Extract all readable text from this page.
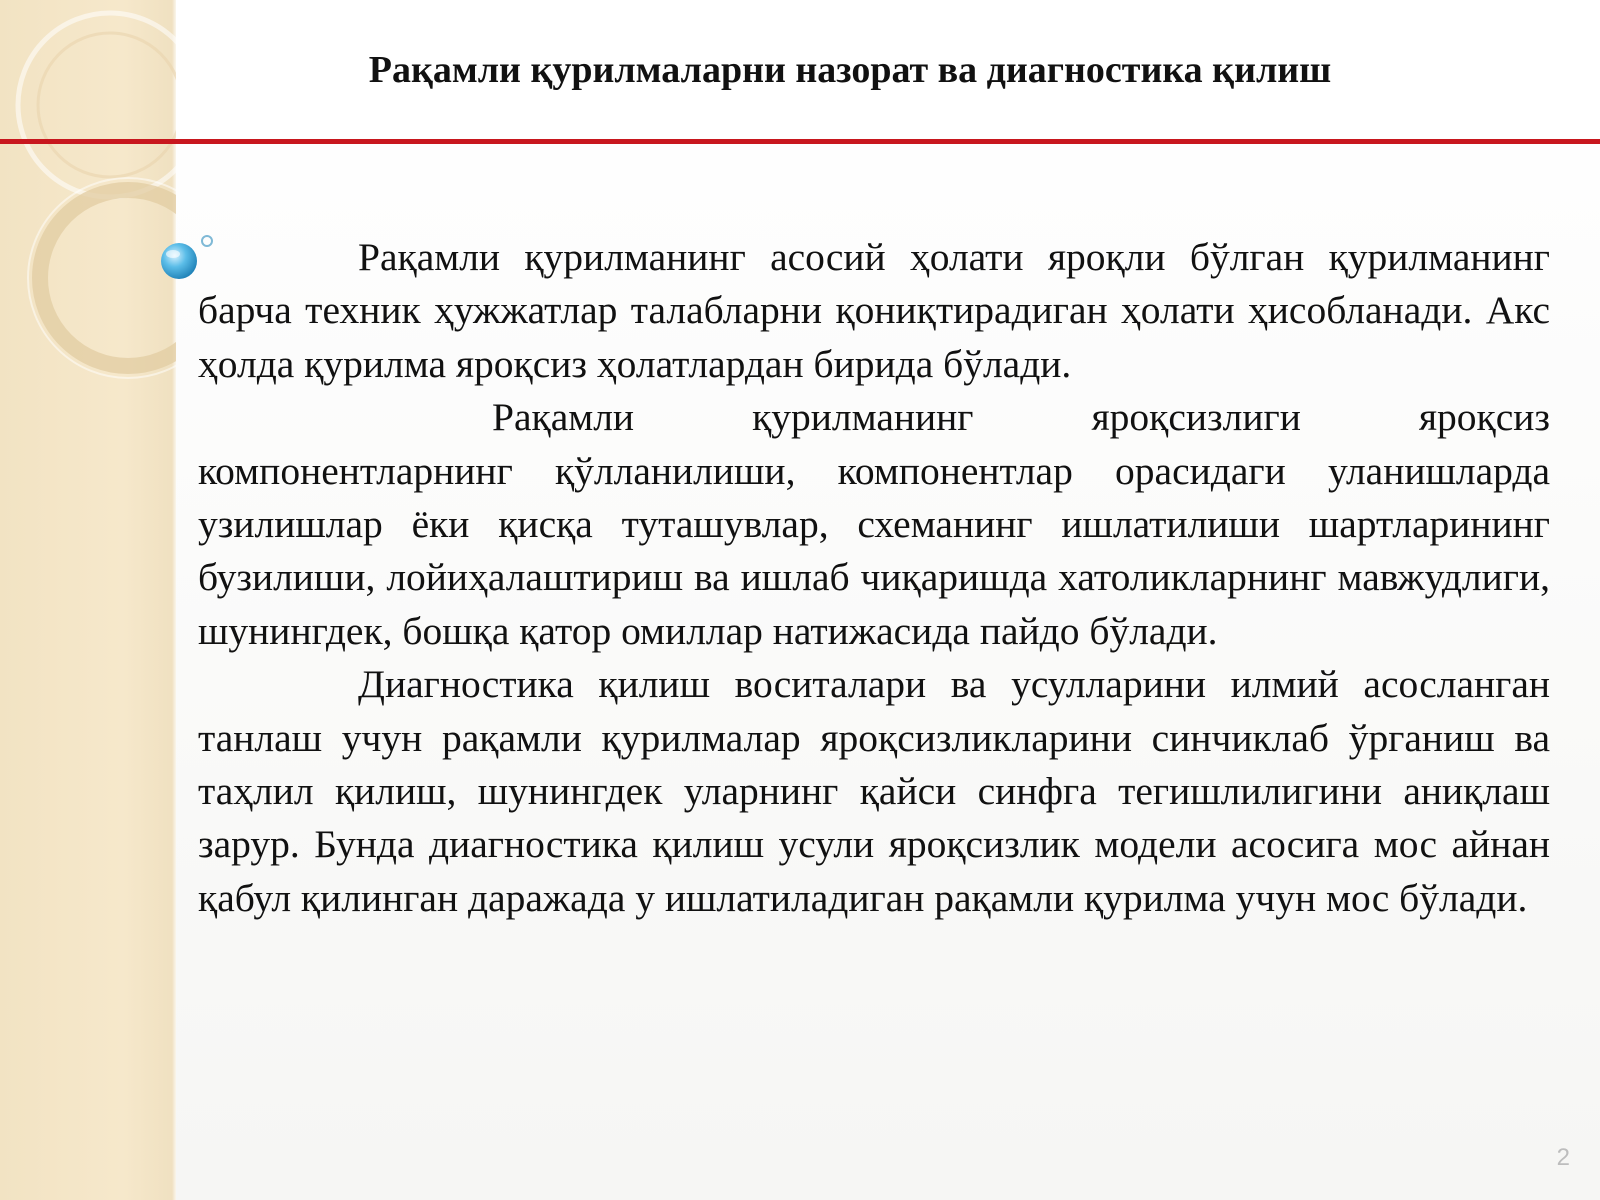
Рақамли қурилмаларни назорат ва диагностика қилиш

Рақамли қурилманинг асосий ҳолати яроқли бўлган қурилманинг барча техник ҳужжатлар талабларни қониқтирадиган ҳолати ҳисобланади. Акс ҳолда қурилма яроқсиз ҳолатлардан бирида бўлади.

Рақамли қурилманинг яроқсизлиги яроқсиз компонентларнинг қўлланилиши, компонентлар орасидаги уланишларда узилишлар ёки қисқа туташувлар, схеманинг ишлатилиши шартларининг бузилиши, лойиҳалаштириш ва ишлаб чиқаришда хатоликларнинг мавжудлиги, шунингдек, бошқа қатор омиллар натижасида пайдо бўлади.

Диагностика қилиш воситалари ва усулларини илмий асосланган танлаш учун рақамли қурилмалар яроқсизликларини синчиклаб ўрганиш ва таҳлил қилиш, шунингдек уларнинг қайси синфга тегишлилигини аниқлаш зарур. Бунда диагностика қилиш усули яроқсизлик модели асосига мос айнан қабул қилинган даражада у ишлатиладиган рақамли қурилма учун мос бўлади.

2
